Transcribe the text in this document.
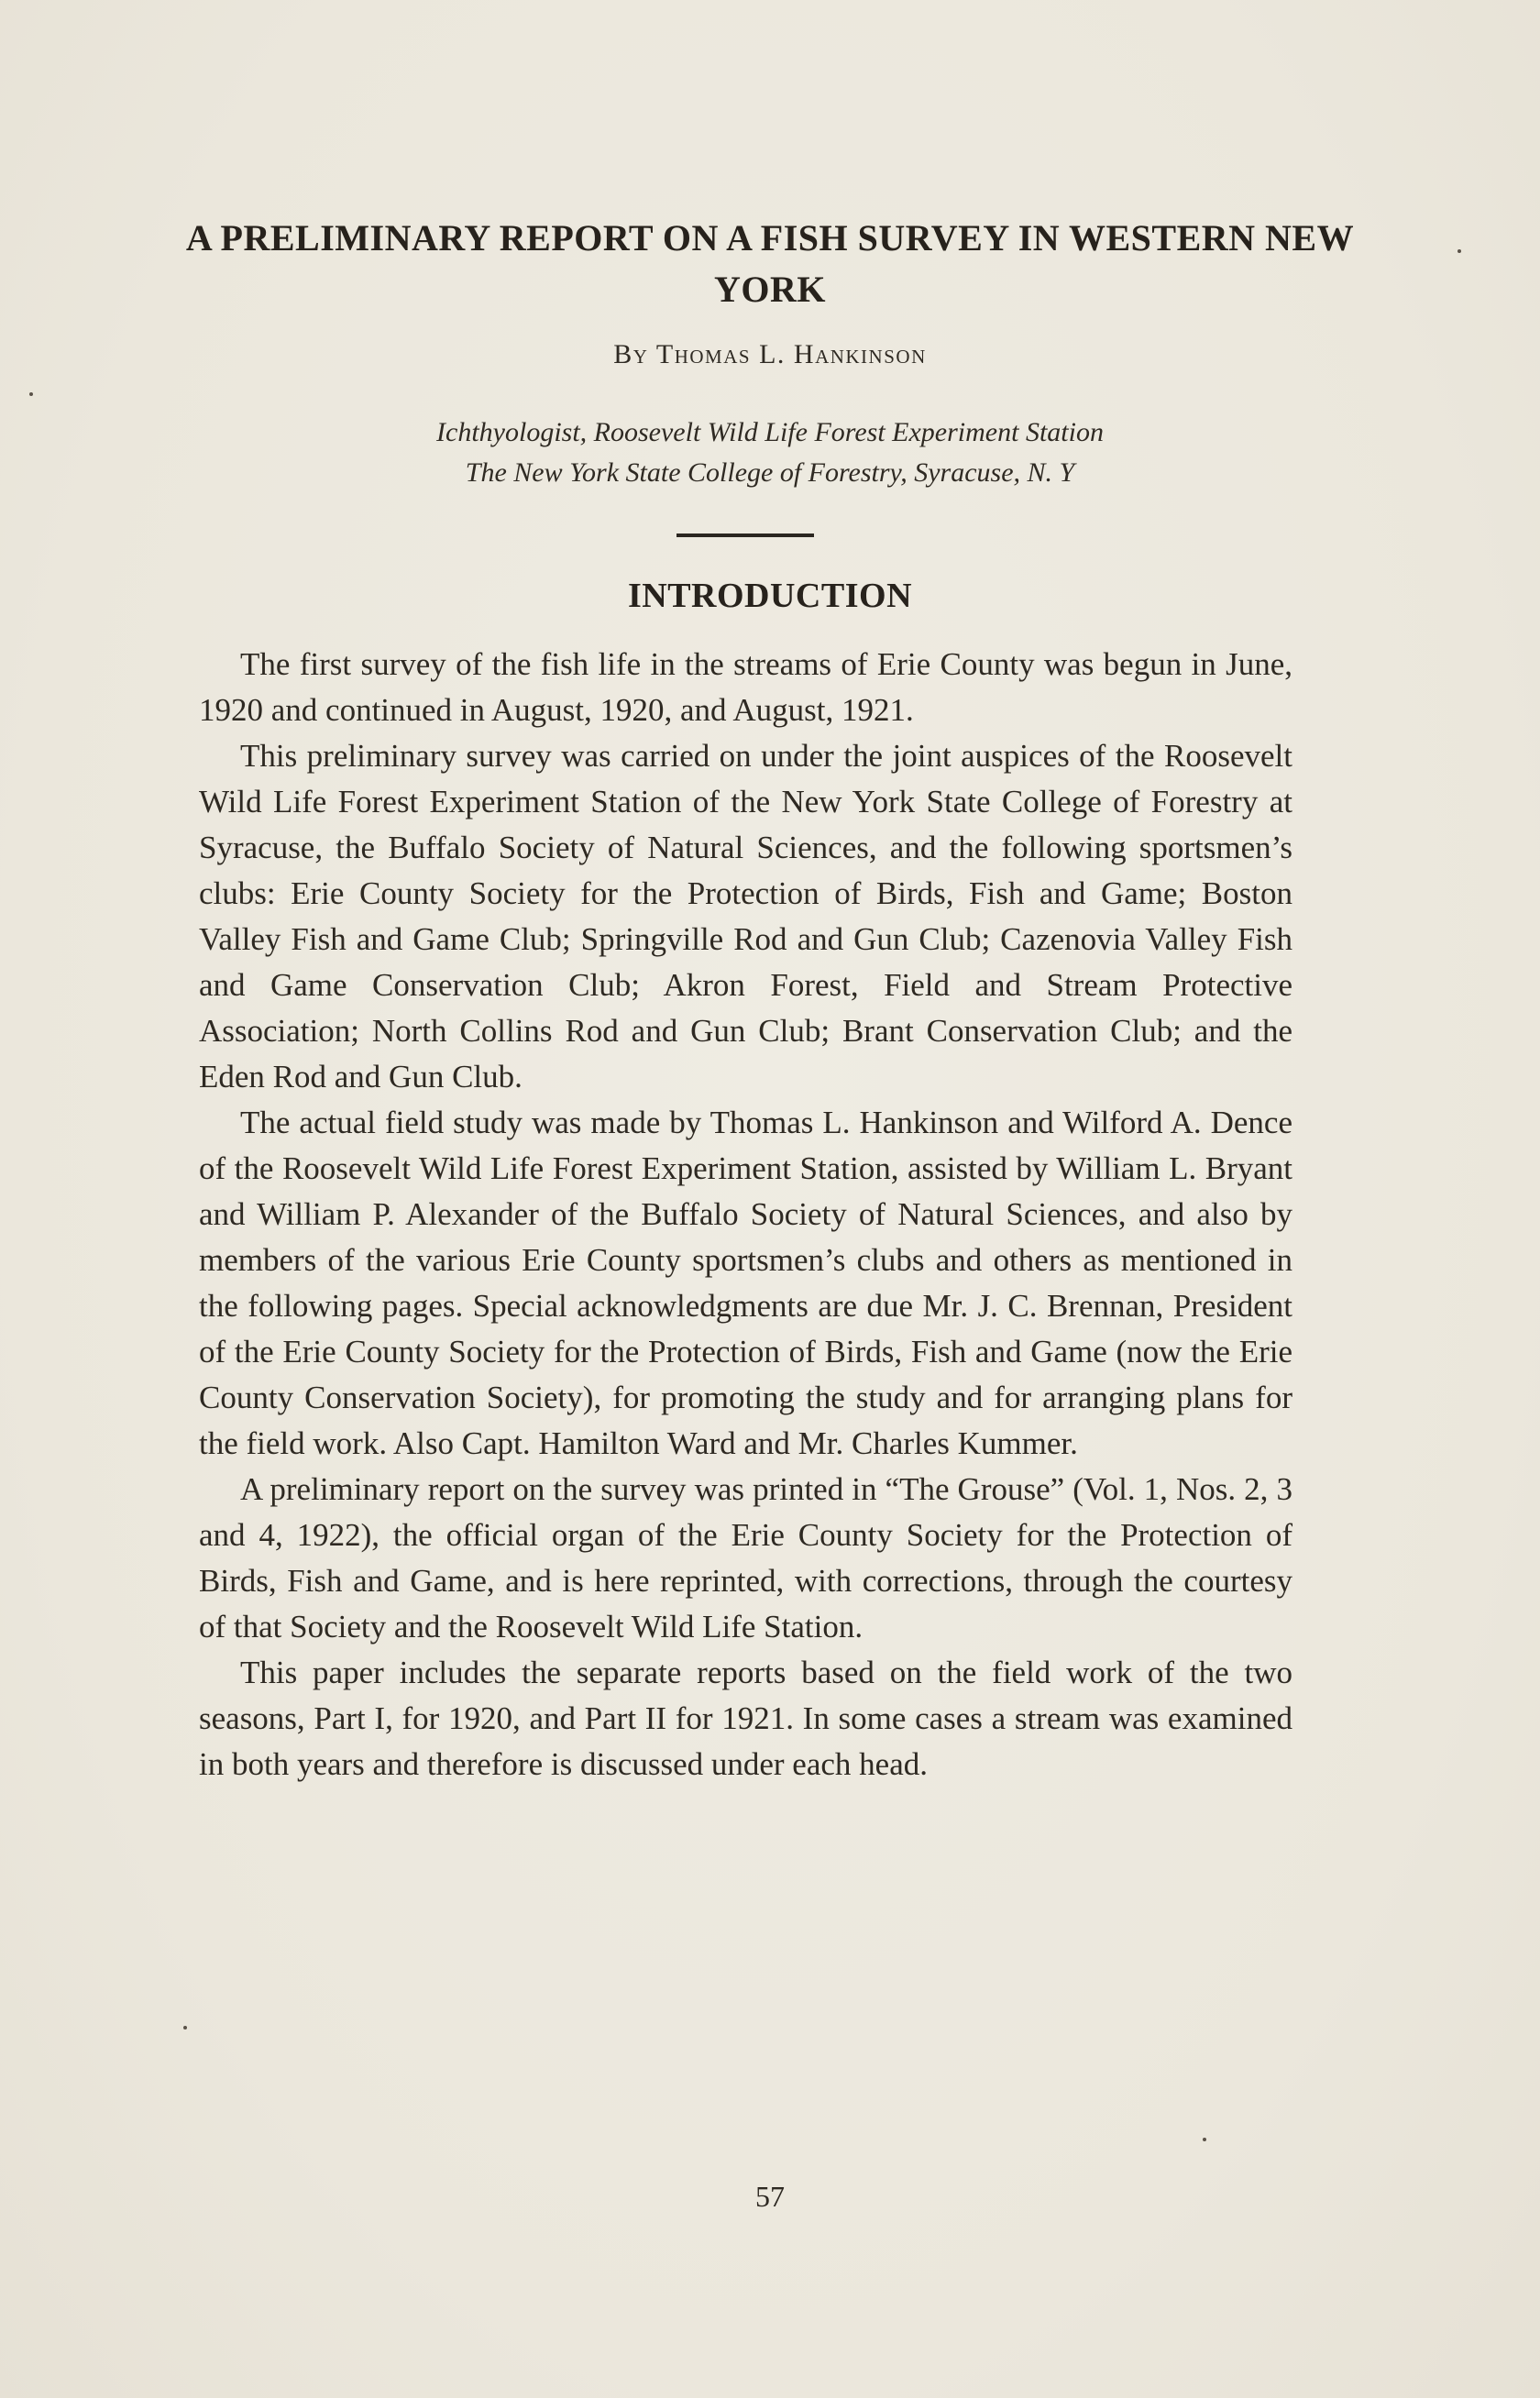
A PRELIMINARY REPORT ON A FISH SURVEY IN WESTERN NEW YORK
By Thomas L. Hankinson
Ichthyologist, Roosevelt Wild Life Forest Experiment Station
The New York State College of Forestry, Syracuse, N. Y
INTRODUCTION

The first survey of the fish life in the streams of Erie County was begun in June, 1920 and continued in August, 1920, and August, 1921.

This preliminary survey was carried on under the joint auspices of the Roosevelt Wild Life Forest Experiment Station of the New York State College of Forestry at Syracuse, the Buffalo Society of Natural Sciences, and the following sportsmen’s clubs: Erie County Society for the Protection of Birds, Fish and Game; Boston Valley Fish and Game Club; Springville Rod and Gun Club; Cazenovia Valley Fish and Game Conservation Club; Akron Forest, Field and Stream Protective Association; North Collins Rod and Gun Club; Brant Conservation Club; and the Eden Rod and Gun Club.

The actual field study was made by Thomas L. Hankinson and Wilford A. Dence of the Roosevelt Wild Life Forest Experiment Station, assisted by William L. Bryant and William P. Alexander of the Buffalo Society of Natural Sciences, and also by members of the various Erie County sportsmen’s clubs and others as mentioned in the following pages. Special acknowledgments are due Mr. J. C. Brennan, President of the Erie County Society for the Protection of Birds, Fish and Game (now the Erie County Conservation Society), for promoting the study and for arranging plans for the field work. Also Capt. Hamilton Ward and Mr. Charles Kummer.

A preliminary report on the survey was printed in “The Grouse” (Vol. 1, Nos. 2, 3 and 4, 1922), the official organ of the Erie County Society for the Protection of Birds, Fish and Game, and is here reprinted, with corrections, through the courtesy of that Society and the Roosevelt Wild Life Station.

This paper includes the separate reports based on the field work of the two seasons, Part I, for 1920, and Part II for 1921. In some cases a stream was examined in both years and therefore is discussed under each head.

57
